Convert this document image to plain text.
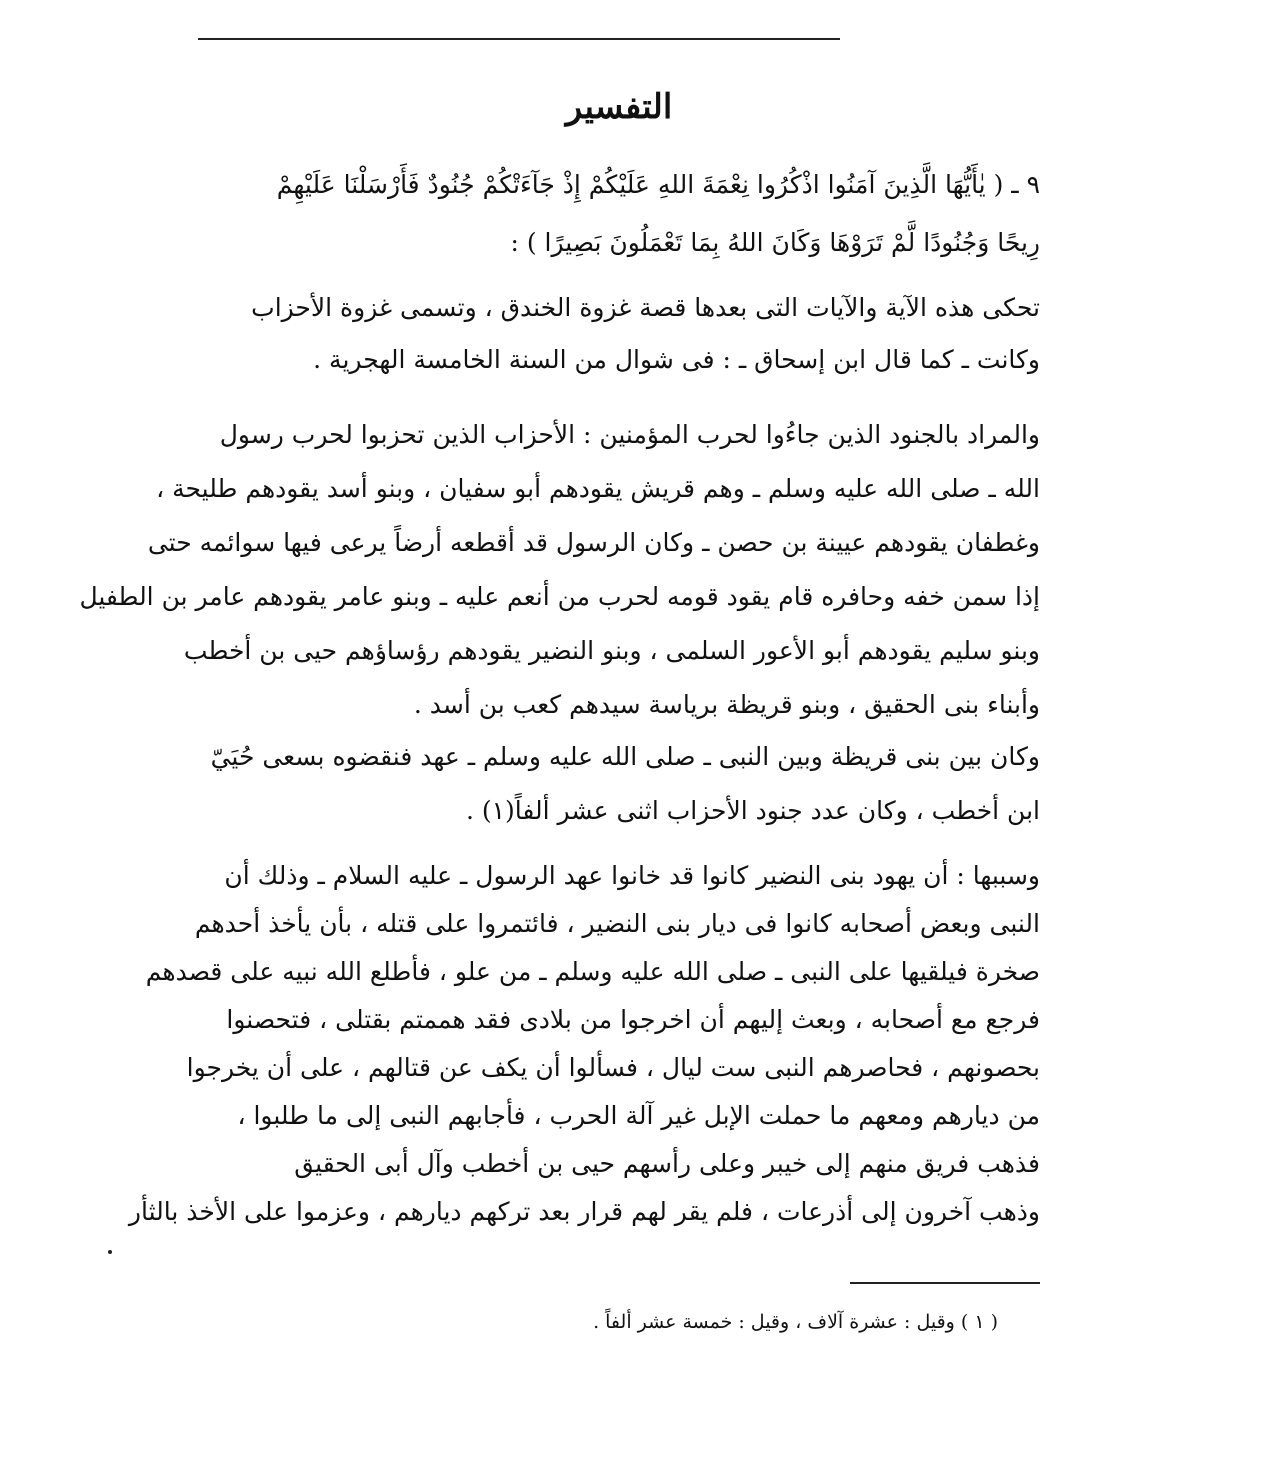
التفسير
٩ ـ ( يٰأَيُّهَا الَّذِينَ آمَنُوا اذْكُرُوا نِعْمَةَ اللهِ عَلَيْكُمْ إِذْ جَآءَتْكُمْ جُنُودٌ فَأَرْسَلْنَا عَلَيْهِمْ
رِيحًا وَجُنُودًا لَّمْ تَرَوْهَا وَكَانَ اللهُ بِمَا تَعْمَلُونَ بَصِيرًا ) :
تحكى هذه الآية والآيات التى بعدها قصة غزوة الخندق ، وتسمى غزوة الأحزاب
وكانت ـ كما قال ابن إسحاق ـ : فى شوال من السنة الخامسة الهجرية .
والمراد بالجنود الذين جاءُوا لحرب المؤمنين : الأحزاب الذين تحزبوا لحرب رسول
الله ـ صلى الله عليه وسلم ـ وهم قريش يقودهم أبو سفيان ، وبنو أسد يقودهم طليحة ،
وغطفان يقودهم عيينة بن حصن ـ وكان الرسول قد أقطعه أرضاً يرعى فيها سوائمه حتى
إذا سمن خفه وحافره قام يقود قومه لحرب من أنعم عليه ـ وبنو عامر يقودهم عامر بن الطفيل
وبنو سليم يقودهم أبو الأعور السلمى ، وبنو النضير يقودهم رؤساؤهم حيى بن أخطب
وأبناء بنى الحقيق ، وبنو قريظة برياسة سيدهم كعب بن أسد .
وكان بين بنى قريظة وبين النبى ـ صلى الله عليه وسلم ـ عهد فنقضوه بسعى حُيَيّ
ابن أخطب ، وكان عدد جنود الأحزاب اثنى عشر ألفاً(١) .
وسببها : أن يهود بنى النضير كانوا قد خانوا عهد الرسول ـ عليه السلام ـ وذلك أن
النبى وبعض أصحابه كانوا فى ديار بنى النضير ، فائتمروا على قتله ، بأن يأخذ أحدهم
صخرة فيلقيها على النبى ـ صلى الله عليه وسلم ـ من علو ، فأطلع الله نبيه على قصدهم
فرجع مع أصحابه ، وبعث إليهم أن اخرجوا من بلادى فقد هممتم بقتلى ، فتحصنوا
بحصونهم ، فحاصرهم النبى ست ليال ، فسألوا أن يكف عن قتالهم ، على أن يخرجوا
من ديارهم ومعهم ما حملت الإبل غير آلة الحرب ، فأجابهم النبى إلى ما طلبوا ،
فذهب فريق منهم إلى خيبر وعلى رأسهم حيى بن أخطب وآل أبى الحقيق
وذهب آخرون إلى أذرعات ، فلم يقر لهم قرار بعد تركهم ديارهم ، وعزموا على الأخذ بالثأر
( ١ ) وقيل : عشرة آلاف ، وقيل : خمسة عشر ألفاً .
